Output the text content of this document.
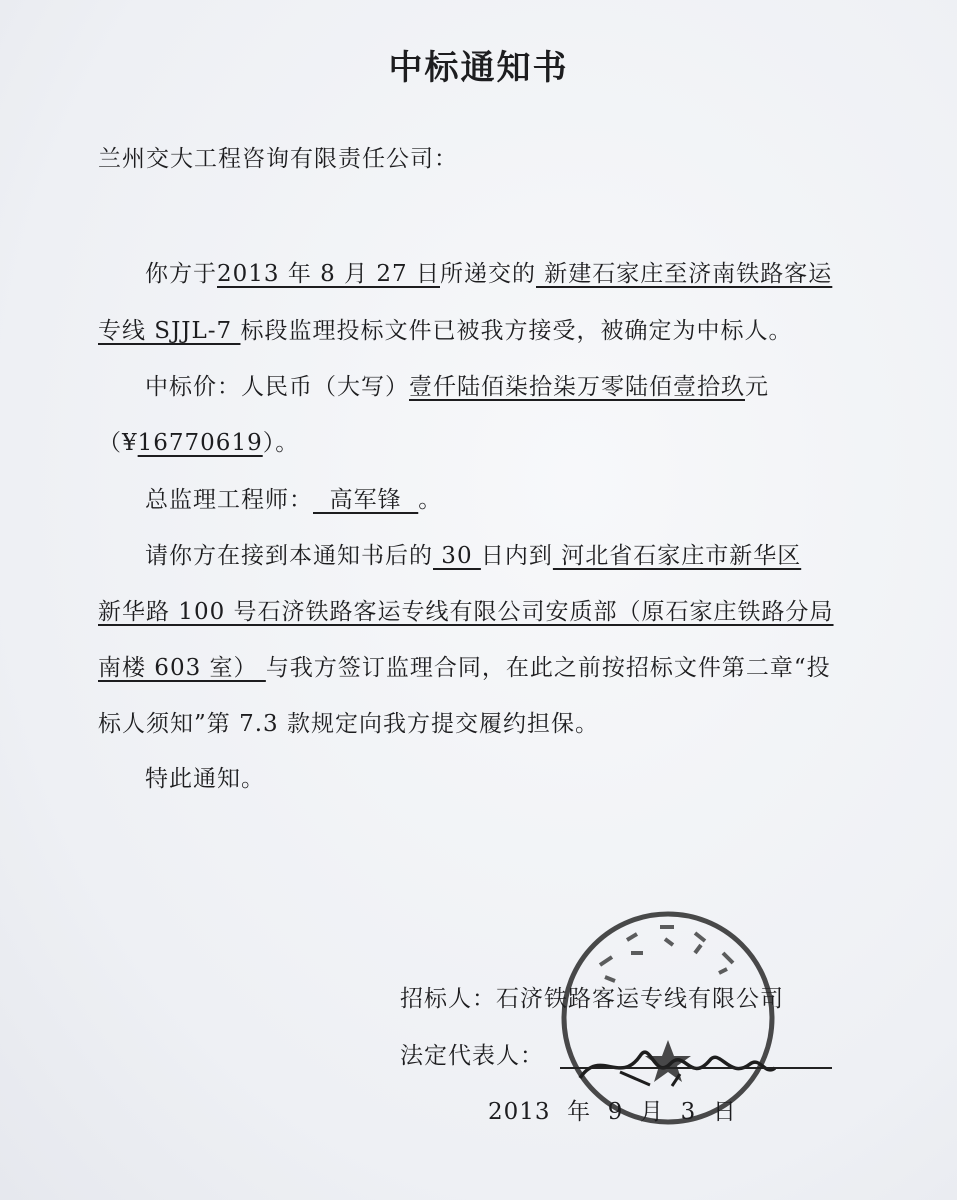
中标通知书
兰州交大工程咨询有限责任公司：
你方于2013 年 8 月 27 日所递交的 新建石家庄至济南铁路客运
专线 SJJL-7 标段监理投标文件已被我方接受，被确定为中标人。
中标价：人民币（大写）壹仟陆佰柒拾柒万零陆佰壹拾玖元
（¥16770619）。
总监理工程师：  高军锋  。
请你方在接到本通知书后的 30 日内到 河北省石家庄市新华区
新华路 100 号石济铁路客运专线有限公司安质部（原石家庄铁路分局
南楼 603 室） 与我方签订监理合同，在此之前按招标文件第二章“投
标人须知”第 7.3 款规定向我方提交履约担保。
特此通知。
招标人：石济铁路客运专线有限公司
法定代表人：
2013  年  9  月  3  日
